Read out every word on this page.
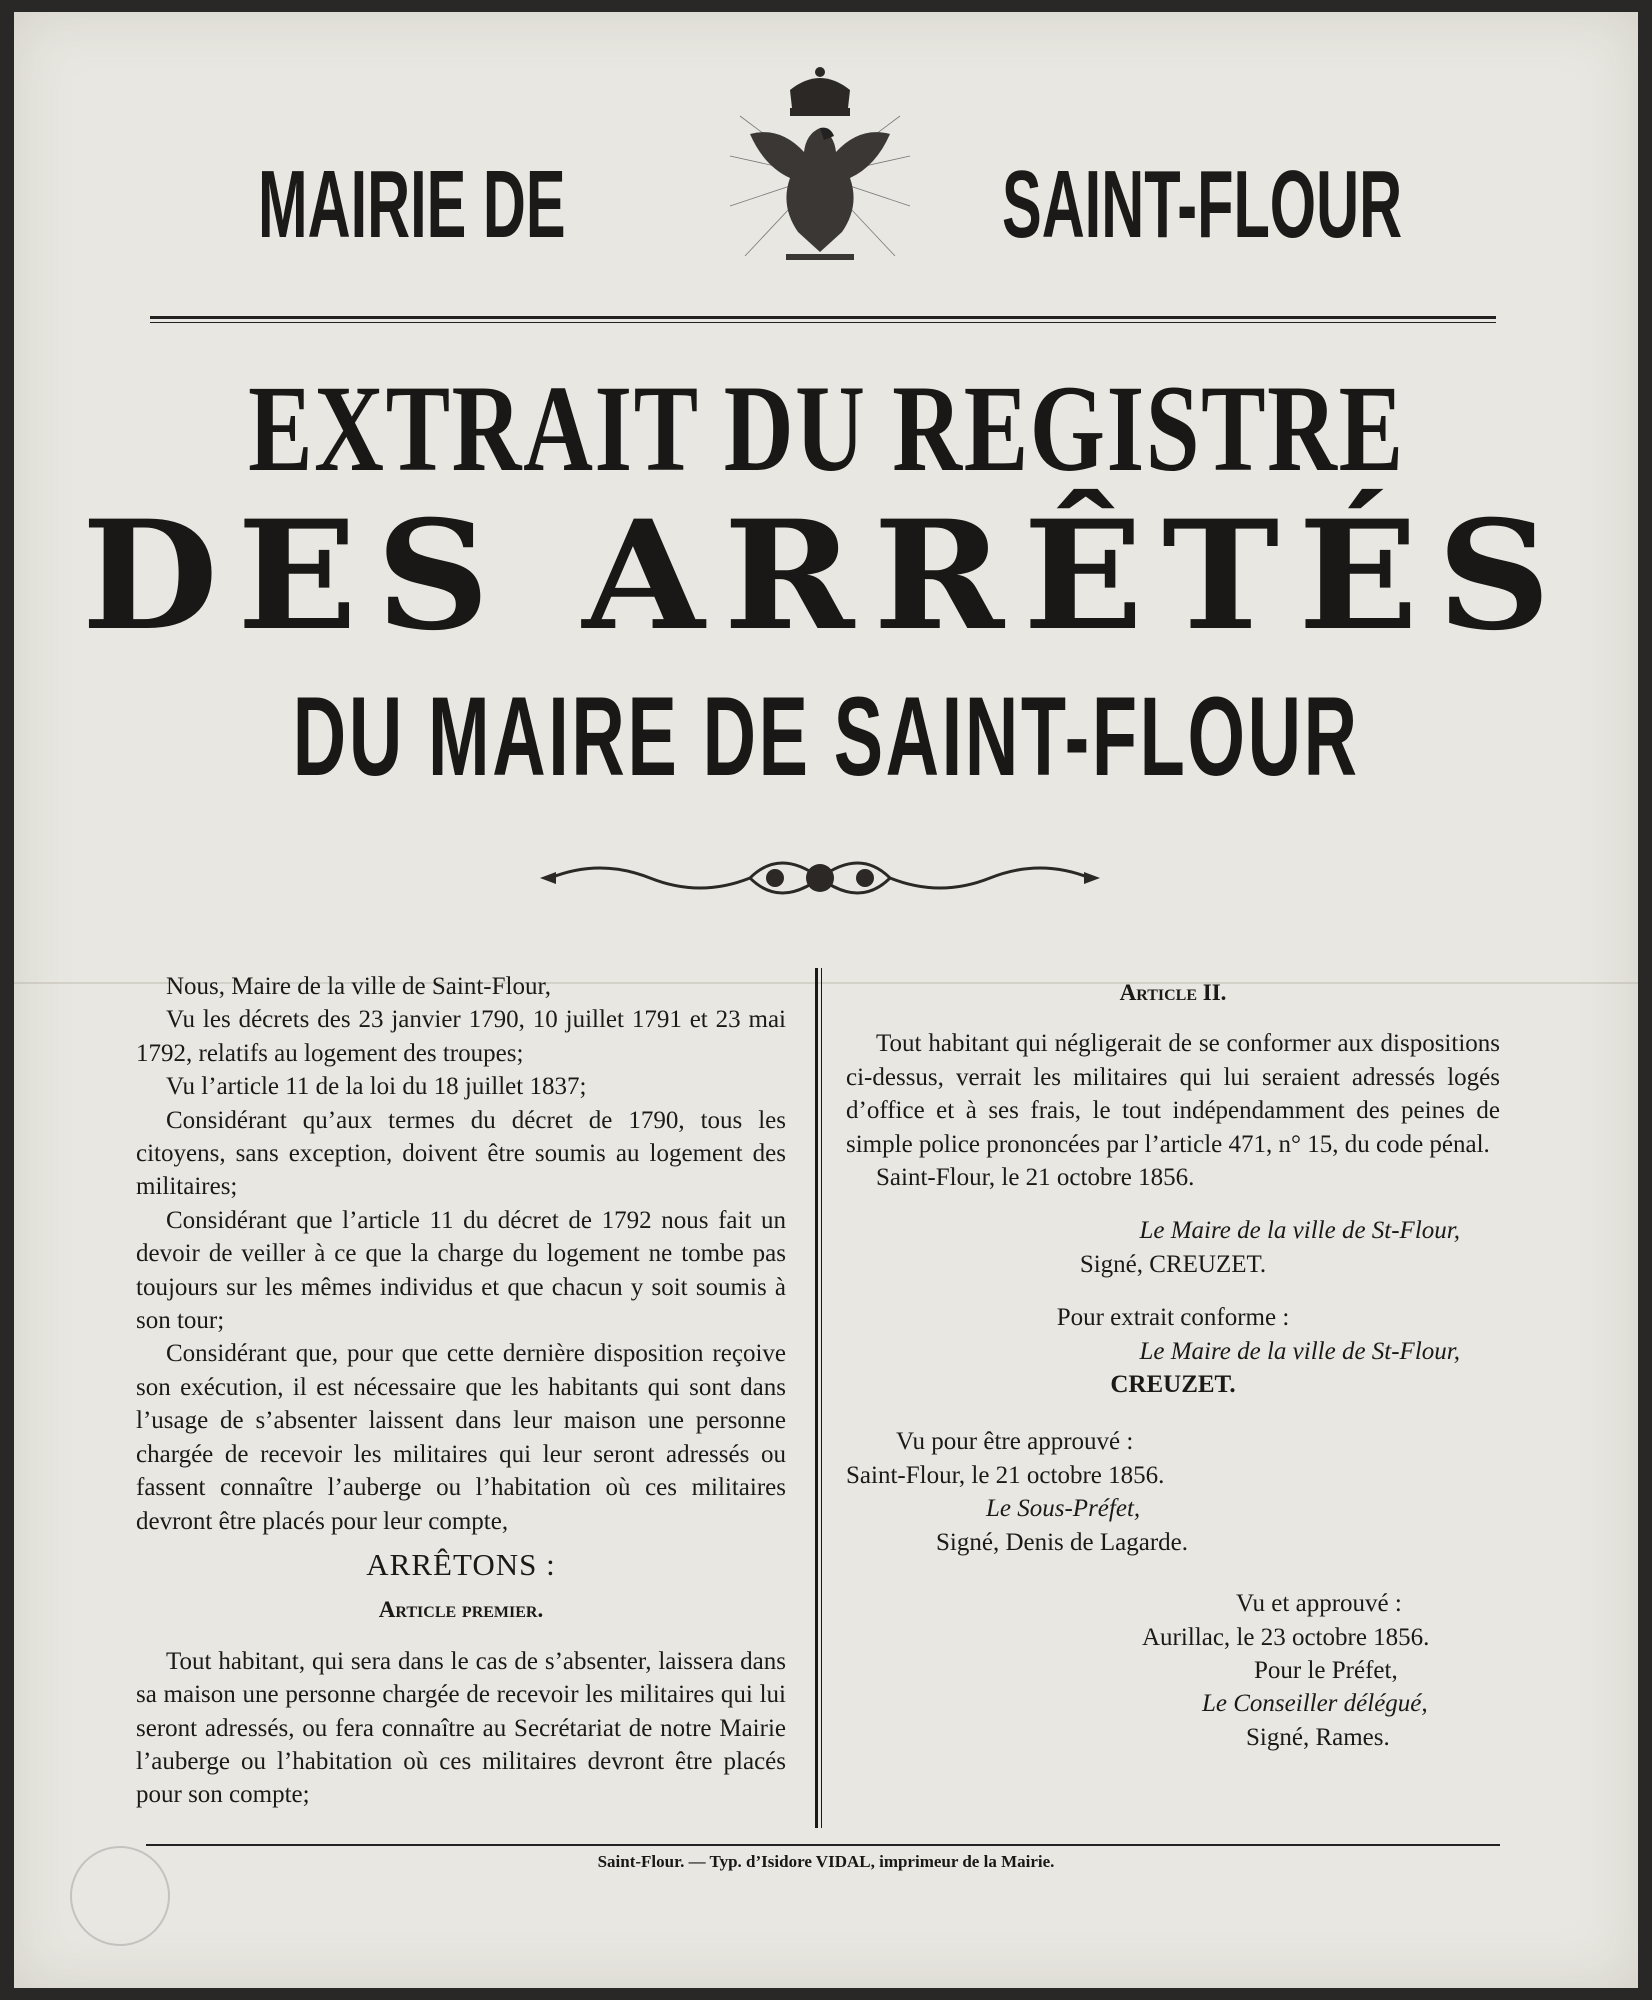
MAIRIE DE	SAINT-FLOUR
EXTRAIT DU REGISTRE
DES ARRÊTÉS
DU MAIRE DE SAINT-FLOUR

Nous, Maire de la ville de Saint-Flour,

Vu les décrets des 23 janvier 1790, 10 juillet 1791 et 23 mai 1792, relatifs au logement des troupes;

Vu l’article 11 de la loi du 18 juillet 1837;

Considérant qu’aux termes du décret de 1790, tous les citoyens, sans exception, doivent être soumis au logement des militaires;

Considérant que l’article 11 du décret de 1792 nous fait un devoir de veiller à ce que la charge du logement ne tombe pas toujours sur les mêmes individus et que chacun y soit soumis à son tour;

Considérant que, pour que cette dernière disposition reçoive son exécution, il est nécessaire que les habitants qui sont dans l’usage de s’absenter laissent dans leur maison une personne chargée de recevoir les militaires qui leur seront adressés ou fassent connaître l’auberge ou l’habitation où ces militaires devront être placés pour leur compte,

ARRÊTONS :
Article premier.

Tout habitant, qui sera dans le cas de s’absenter, laissera dans sa maison une personne chargée de recevoir les militaires qui lui seront adressés, ou fera connaître au Secrétariat de notre Mairie l’auberge ou l’habitation où ces militaires devront être placés pour son compte;

Article II.

Tout habitant qui négligerait de se conformer aux dispositions ci-dessus, verrait les militaires qui lui seraient adressés logés d’office et à ses frais, le tout indépendamment des peines de simple police prononcées par l’article 471, n° 15, du code pénal.

Saint-Flour, le 21 octobre 1856.

Le Maire de la ville de St-Flour,

Signé, CREUZET.

Pour extrait conforme :

Le Maire de la ville de St-Flour,

CREUZET.

Vu pour être approuvé :

Saint-Flour, le 21 octobre 1856.

Le Sous-Préfet,

Signé, Denis de Lagarde.

Vu et approuvé :

Aurillac, le 23 octobre 1856.

Pour le Préfet,

Le Conseiller délégué,

Signé, Rames.

Saint-Flour. — Typ. d’Isidore VIDAL, imprimeur de la Mairie.
